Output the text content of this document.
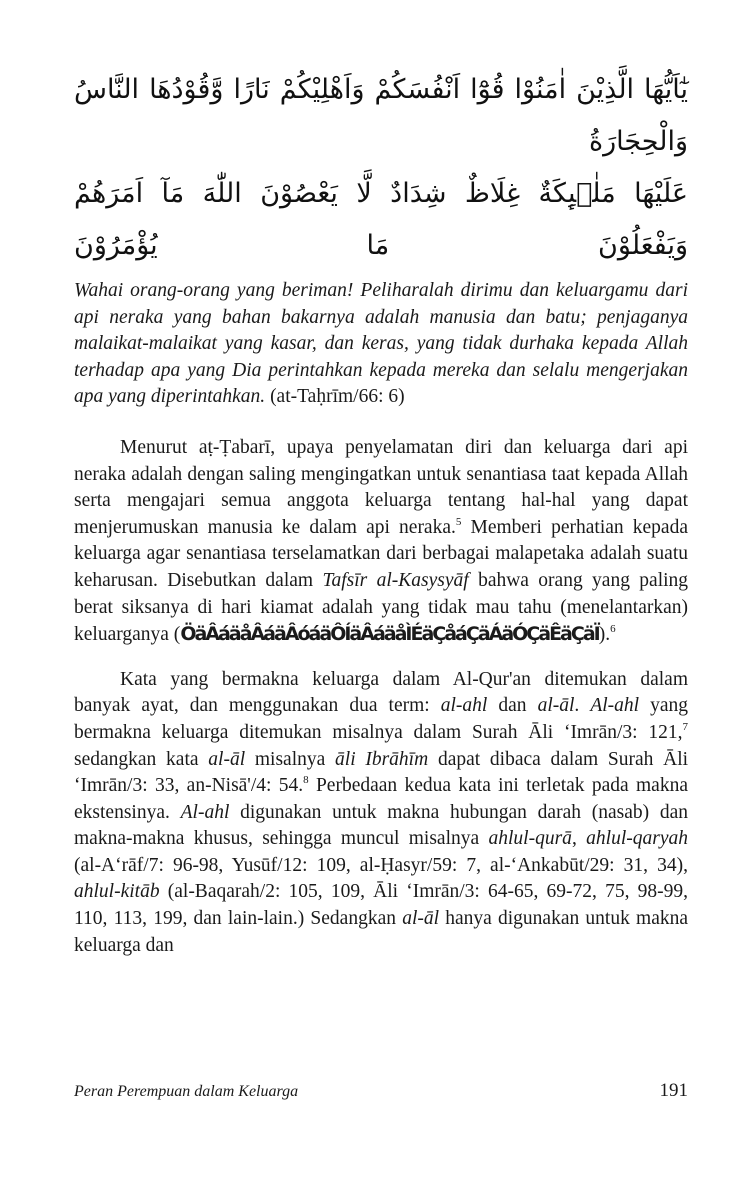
يٰٓاَيُّهَا الَّذِيْنَ اٰمَنُوْا قُوْٓا اَنْفُسَكُمْ وَاَهْلِيْكُمْ نَارًا وَّقُوْدُهَا النَّاسُ وَالْحِجَارَةُ
عَلَيْهَا مَلٰۤىِٕكَةٌ غِلَاظٌ شِدَادٌ لَّا يَعْصُوْنَ اللّٰهَ مَآ اَمَرَهُمْ وَيَفْعَلُوْنَ مَا يُؤْمَرُوْنَ

Wahai orang-orang yang beriman! Peliharalah dirimu dan keluargamu dari api neraka yang bahan bakarnya adalah manusia dan batu; penjaganya malaikat-malaikat yang kasar, dan keras, yang tidak durhaka kepada Allah terhadap apa yang Dia perintahkan kepada mereka dan selalu mengerjakan apa yang diperintahkan. (at-Taḥrīm/66: 6)

Menurut aṭ-Ṭabarī, upaya penyelamatan diri dan keluarga dari api neraka adalah dengan saling mengingatkan untuk senantiasa taat kepada Allah serta mengajari semua anggota keluarga tentang hal-hal yang dapat menjerumuskan manusia ke dalam api neraka.$^5$ Memberi perhatian kepada keluarga agar senantiasa terselamatkan dari berbagai malapetaka adalah suatu keharusan. Disebutkan dalam Tafsīr al-Kasysyāf bahwa orang yang paling berat siksanya di hari kiamat adalah yang tidak mau tahu (menelantarkan) keluarganya (ÖäÂáäåÂáäÂóáäÔÍäÂáäåÌÉäÇåáÇäÁäÓÇäÊäÇäÏ).$^6$

Kata yang bermakna keluarga dalam Al-Qur'an ditemukan dalam banyak ayat, dan menggunakan dua term: al-ahl dan al-āl. Al-ahl yang bermakna keluarga ditemukan misalnya dalam Surah Āli ‘Imrān/3: 121,$^7$ sedangkan kata al-āl misalnya āli Ibrāhīm dapat dibaca dalam Surah Āli ‘Imrān/3: 33, an-Nisā'/4: 54.$^8$ Perbedaan kedua kata ini terletak pada makna ekstensinya. Al-ahl digunakan untuk makna hubungan darah (nasab) dan makna-makna khusus, sehingga muncul misalnya ahlul-qurā, ahlul-qaryah (al-A‘rāf/7: 96-98, Yusūf/12: 109, al-Ḥasyr/59: 7, al-‘Ankabūt/29: 31, 34), ahlul-kitāb (al-Baqarah/2: 105, 109, Āli ‘Imrān/3: 64-65, 69-72, 75, 98-99, 110, 113, 199, dan lain-lain.) Sedangkan al-āl hanya digunakan untuk makna keluarga dan

Peran Perempuan dalam Keluarga	191
